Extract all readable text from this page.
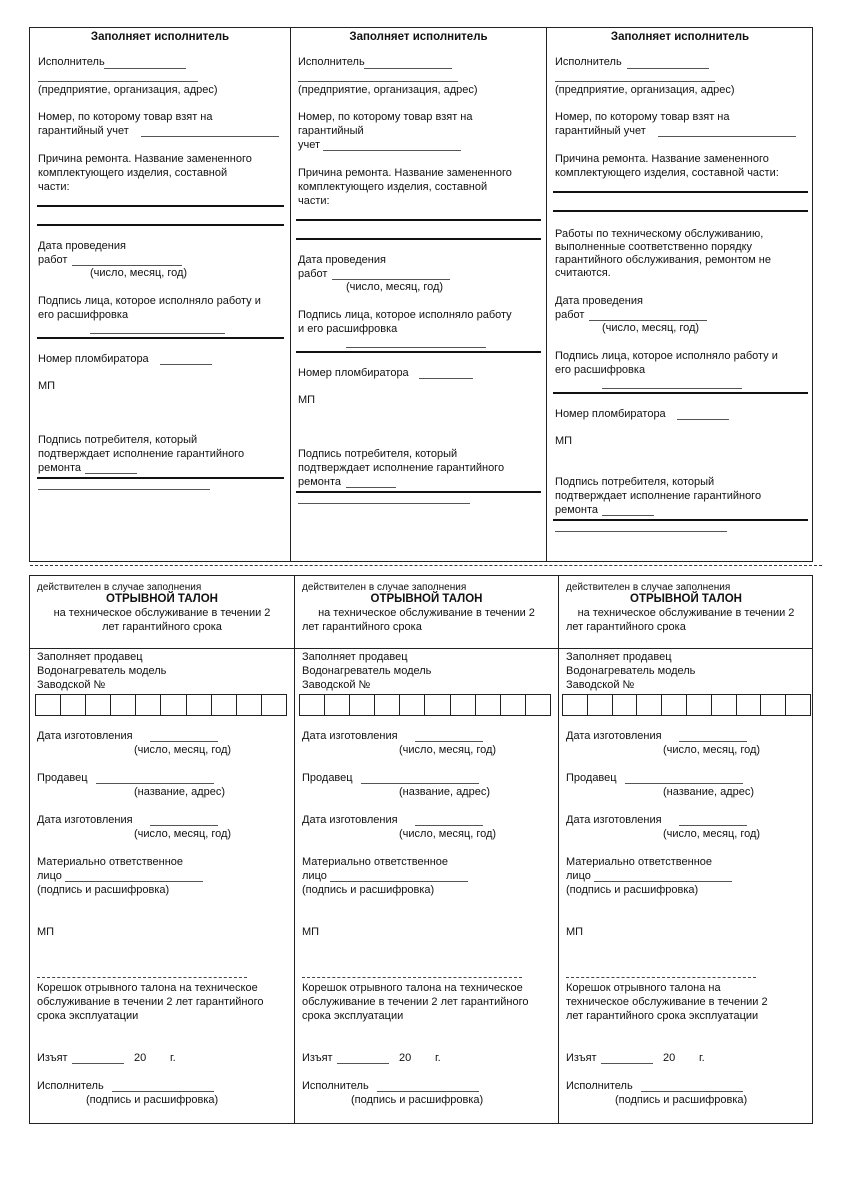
Заполняет исполнитель
Исполнитель
(предприятие, организация, адрес)
Номер, по которому товар взят на
гарантийный учет
Причина ремонта. Название замененного
комплектующего изделия, составной
части:
Дата проведения
работ
(число, месяц, год)
Подпись лица, которое исполняло работу и
его расшифровка
Номер пломбиратора
МП
Подпись потребителя, который
подтверждает исполнение гарантийного
ремонта
Заполняет исполнитель
Исполнитель
(предприятие, организация, адрес)
Номер, по которому товар взят на
гарантийный
учет
Причина ремонта. Название замененного
комплектующего изделия, составной
части:
Дата проведения
работ
(число, месяц, год)
Подпись лица, которое исполняло работу
и его расшифровка
Номер пломбиратора
МП
Подпись потребителя, который
подтверждает исполнение гарантийного
ремонта
Заполняет исполнитель
Исполнитель
(предприятие, организация, адрес)
Номер, по которому товар взят на
гарантийный учет
Причина ремонта. Название замененного
комплектующего изделия, составной части:
Работы по техническому обслуживанию,
выполненные соответственно порядку
гарантийного обслуживания, ремонтом не
считаются.
Дата проведения
работ
(число, месяц, год)
Подпись лица, которое исполняло работу и
его расшифровка
Номер пломбиратора
МП
Подпись потребителя, который
подтверждает исполнение гарантийного
ремонта
действителен в случае заполнения
ОТРЫВНОЙ ТАЛОН
на техническое обслуживание в течении 2
лет гарантийного срока
Заполняет продавец
Водонагреватель модель
Заводской №
Дата изготовления
(число, месяц, год)
Продавец
(название, адрес)
Дата изготовления
(число, месяц, год)
Материально ответственное
лицо
(подпись и расшифровка)
МП
Корешок отрывного талона на техническое
обслуживание в течении 2 лет гарантийного
срока эксплуатации
Изъят	20 г.
Исполнитель
(подпись и расшифровка)
действителен в случае заполнения
ОТРЫВНОЙ ТАЛОН
на техническое обслуживание в течении 2
лет гарантийного срока
Заполняет продавец
Водонагреватель модель
Заводской №
Дата изготовления
(число, месяц, год)
Продавец
(название, адрес)
Дата изготовления
(число, месяц, год)
Материально ответственное
лицо
(подпись и расшифровка)
МП
Корешок отрывного талона на техническое
обслуживание в течении 2 лет гарантийного
срока эксплуатации
Изъят	20 г.
Исполнитель
(подпись и расшифровка)
действителен в случае заполнения
ОТРЫВНОЙ ТАЛОН
на техническое обслуживание в течении 2
лет гарантийного срока
Заполняет продавец
Водонагреватель модель
Заводской №
Дата изготовления
(число, месяц, год)
Продавец
(название, адрес)
Дата изготовления
(число, месяц, год)
Материально ответственное
лицо
(подпись и расшифровка)
МП
Корешок отрывного талона на
техническое обслуживание в течении 2
лет гарантийного срока эксплуатации
Изъят	20 г.
Исполнитель
(подпись и расшифровка)
